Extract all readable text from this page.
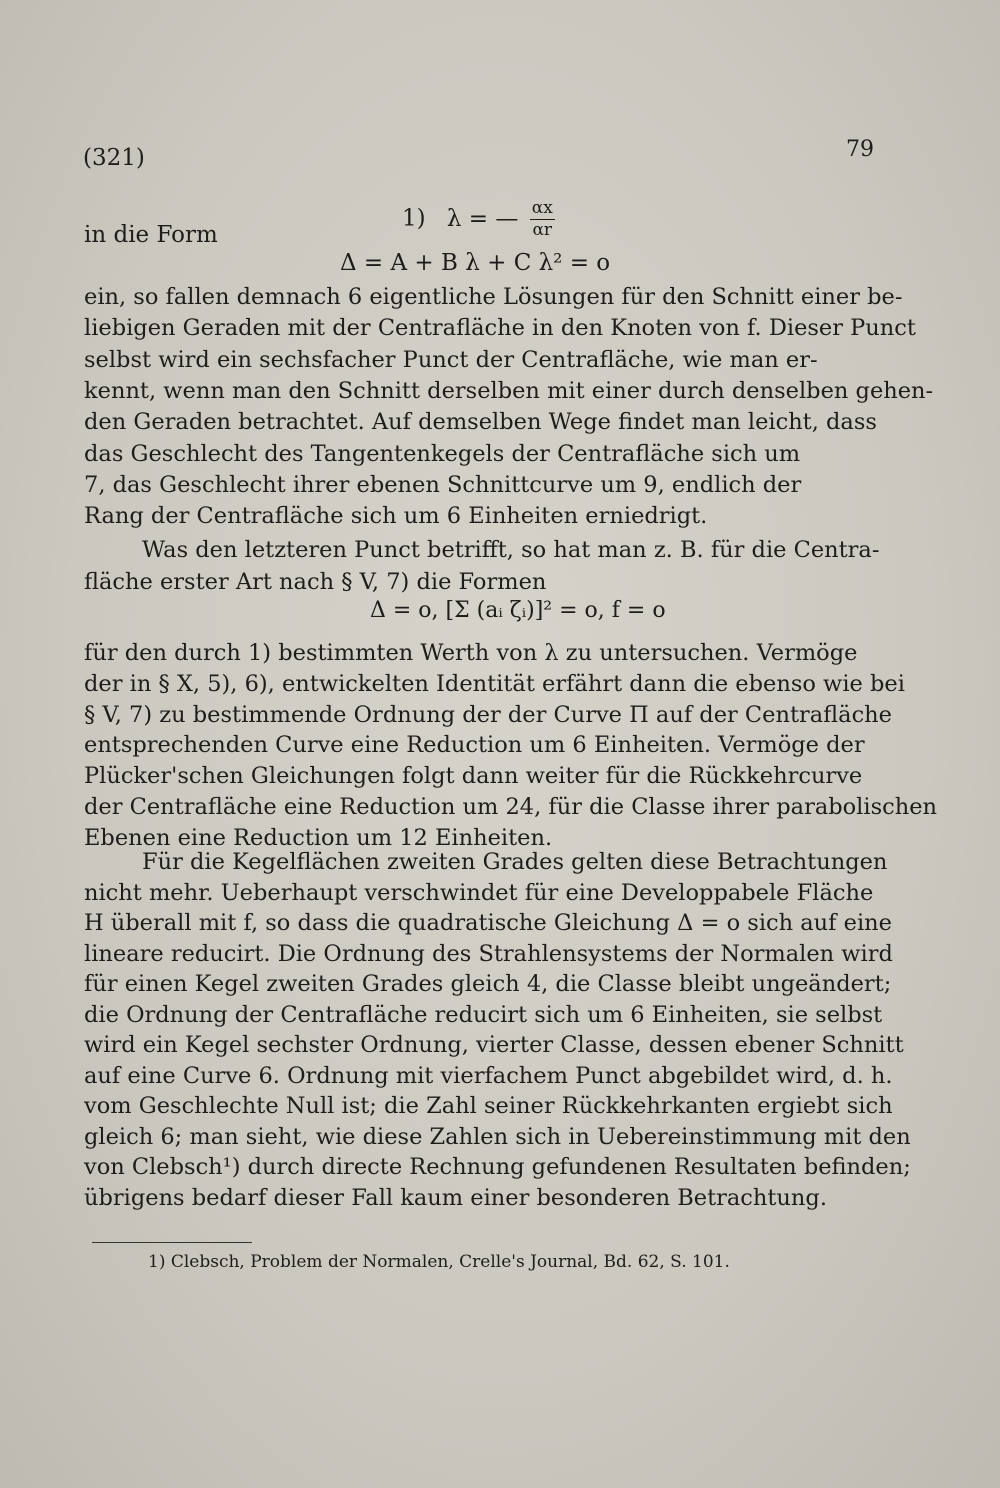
(321)	79
1) λ = — $\frac{\alpha x}{\alpha r}$
in die Form
Δ = A + B λ + C λ² = o
ein, so fallen demnach 6 eigentliche Lösungen für den Schnitt einer be-
liebigen Geraden mit der Centrafläche in den Knoten von f. Dieser Punct
selbst wird ein sechsfacher Punct der Centrafläche, wie man er-
kennt, wenn man den Schnitt derselben mit einer durch denselben gehen-
den Geraden betrachtet. Auf demselben Wege findet man leicht, dass
das Geschlecht des Tangentenkegels der Centrafläche sich um
7, das Geschlecht ihrer ebenen Schnittcurve um 9, endlich der
Rang der Centrafläche sich um 6 Einheiten erniedrigt.
Was den letzteren Punct betrifft, so hat man z. B. für die Centra-
fläche erster Art nach § V, 7) die Formen
Δ = o, [Σ (aᵢ ζᵢ)]² = o, f = o
für den durch 1) bestimmten Werth von λ zu untersuchen. Vermöge
der in § X, 5), 6), entwickelten Identität erfährt dann die ebenso wie bei
§ V, 7) zu bestimmende Ordnung der der Curve Π auf der Centrafläche
entsprechenden Curve eine Reduction um 6 Einheiten. Vermöge der
Plücker'schen Gleichungen folgt dann weiter für die Rückkehrcurve
der Centrafläche eine Reduction um 24, für die Classe ihrer parabolischen
Ebenen eine Reduction um 12 Einheiten.
Für die Kegelflächen zweiten Grades gelten diese Betrachtungen
nicht mehr. Ueberhaupt verschwindet für eine Developpabele Fläche
H überall mit f, so dass die quadratische Gleichung Δ = o sich auf eine
lineare reducirt. Die Ordnung des Strahlensystems der Normalen wird
für einen Kegel zweiten Grades gleich 4, die Classe bleibt ungeändert;
die Ordnung der Centrafläche reducirt sich um 6 Einheiten, sie selbst
wird ein Kegel sechster Ordnung, vierter Classe, dessen ebener Schnitt
auf eine Curve 6. Ordnung mit vierfachem Punct abgebildet wird, d. h.
vom Geschlechte Null ist; die Zahl seiner Rückkehrkanten ergiebt sich
gleich 6; man sieht, wie diese Zahlen sich in Uebereinstimmung mit den
von Clebsch¹) durch directe Rechnung gefundenen Resultaten befinden;
übrigens bedarf dieser Fall kaum einer besonderen Betrachtung.
1) Clebsch, Problem der Normalen, Crelle's Journal, Bd. 62, S. 101.
